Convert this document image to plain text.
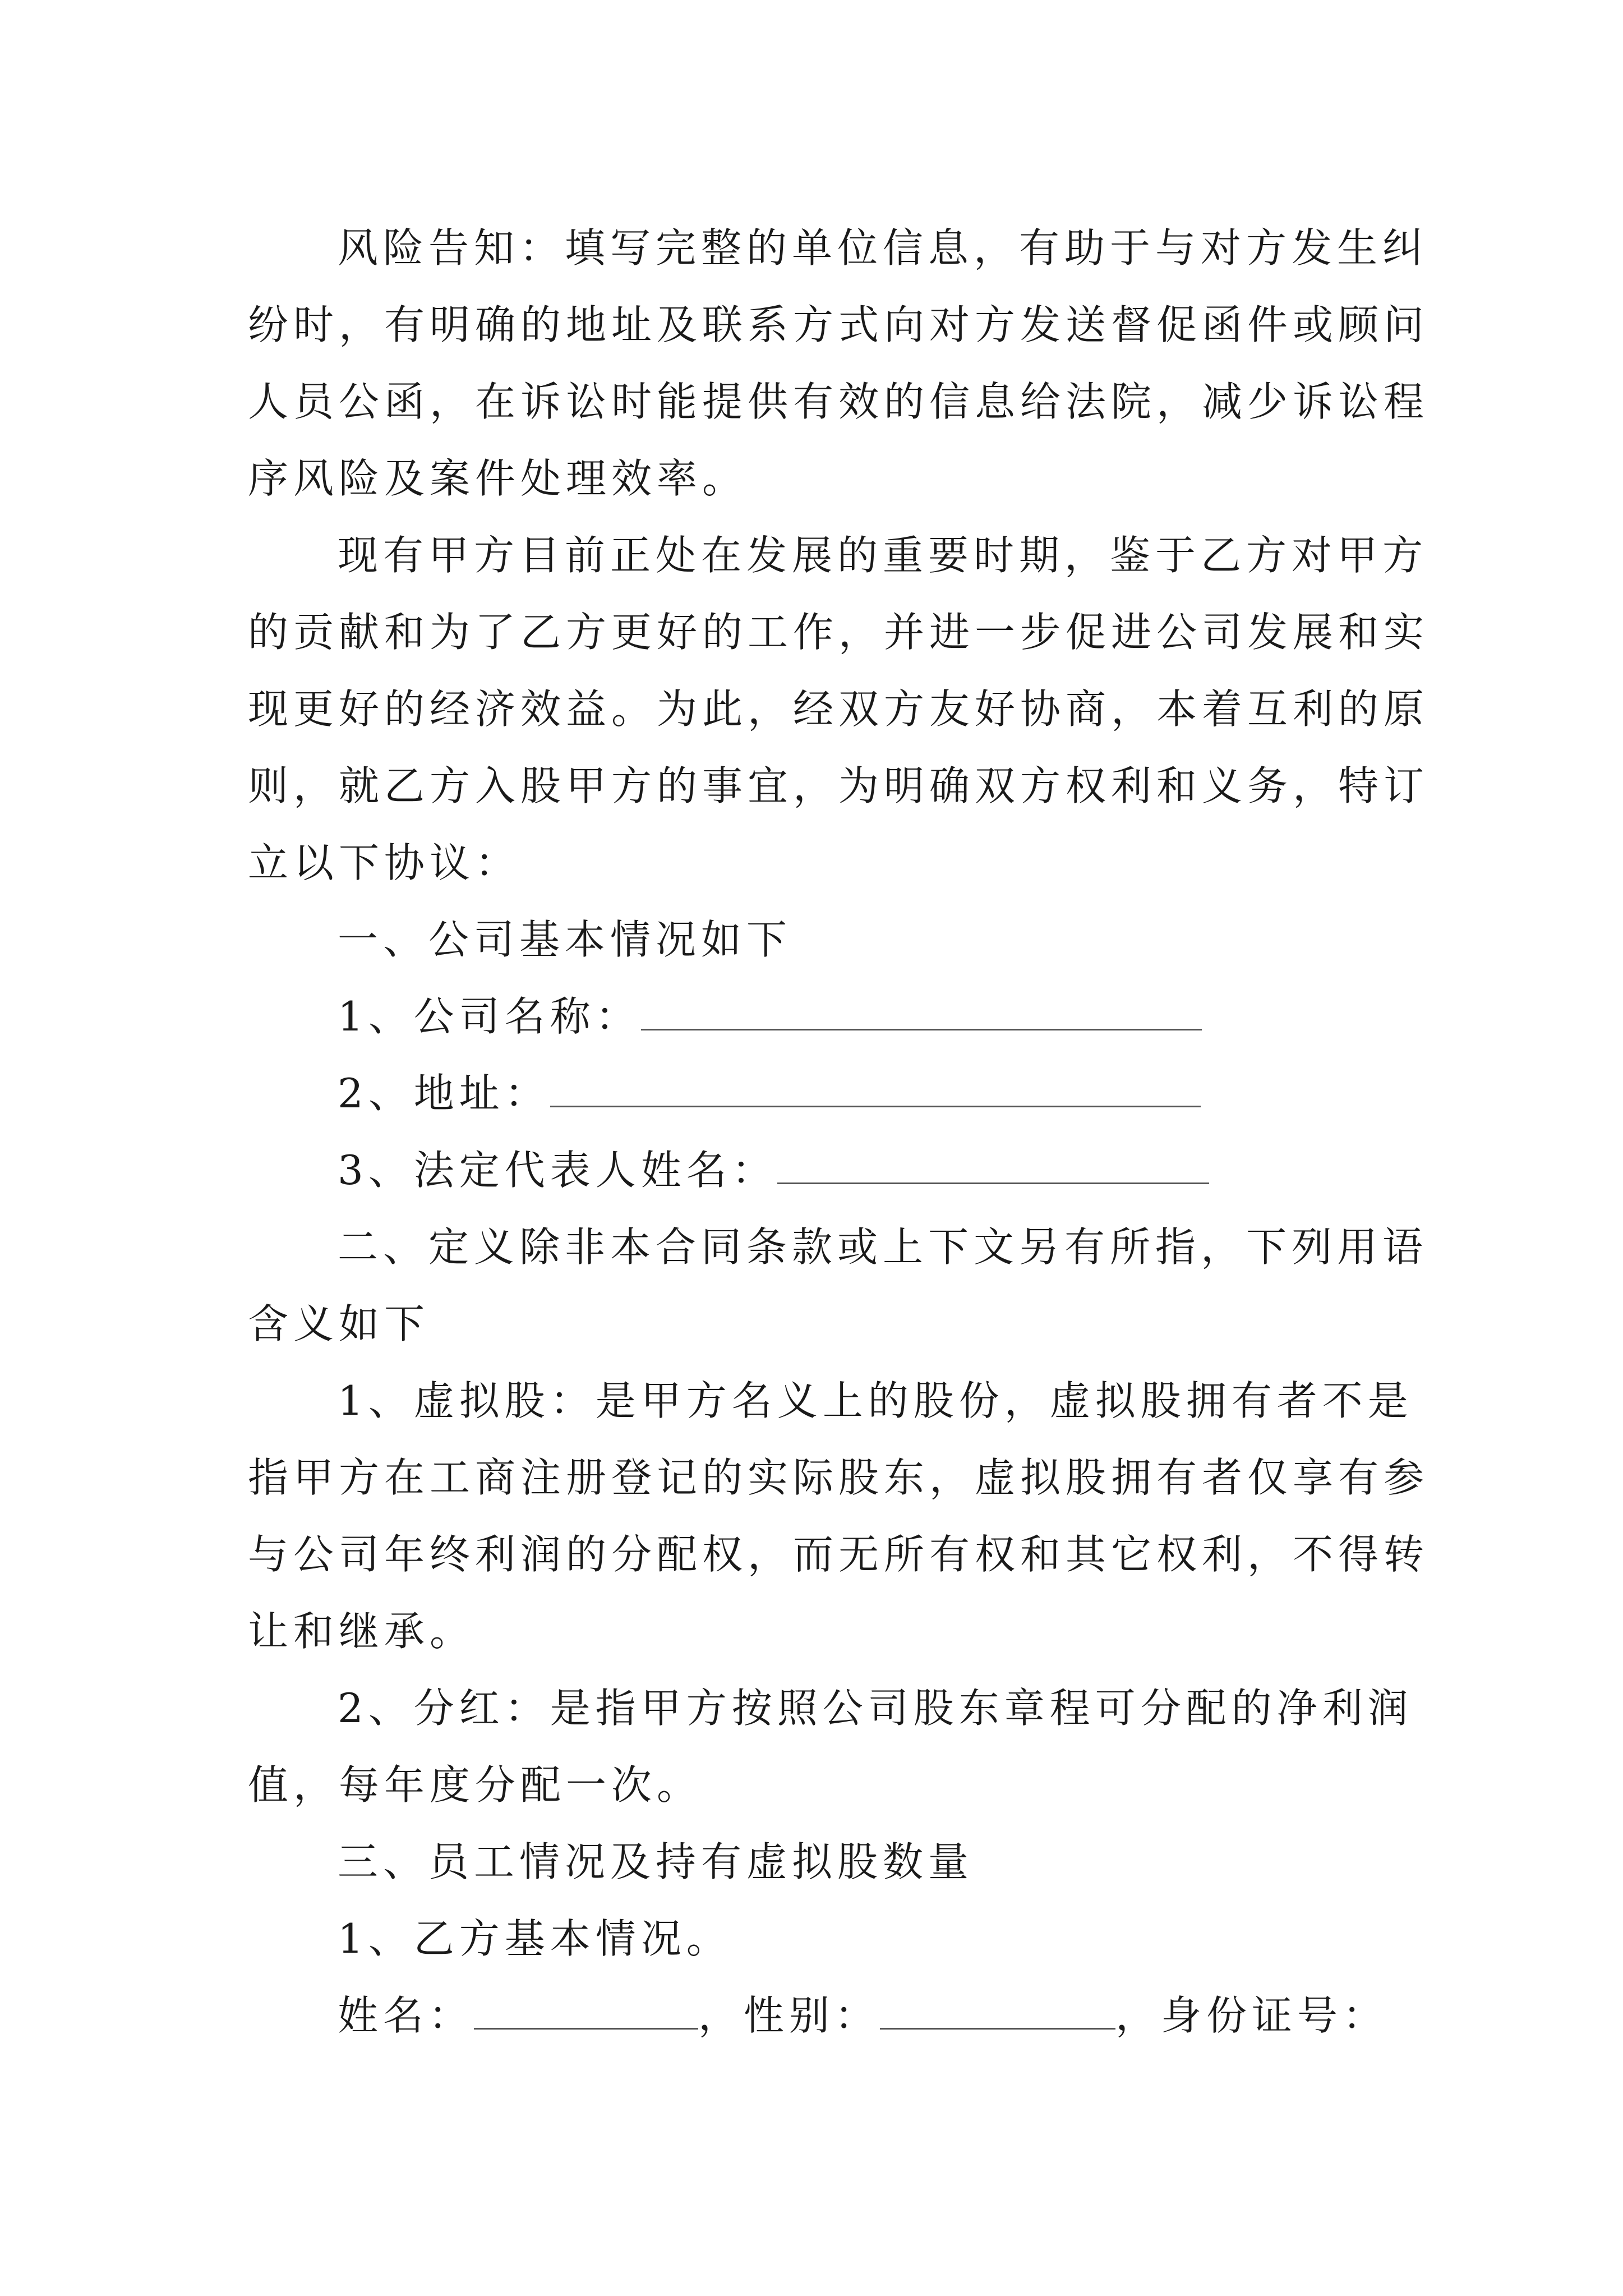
风险告知：填写完整的单位信息，有助于与对方发生纠
纷时，有明确的地址及联系方式向对方发送督促函件或顾问
人员公函，在诉讼时能提供有效的信息给法院，减少诉讼程
序风险及案件处理效率。
现有甲方目前正处在发展的重要时期，鉴于乙方对甲方
的贡献和为了乙方更好的工作，并进一步促进公司发展和实
现更好的经济效益。为此，经双方友好协商，本着互利的原
则，就乙方入股甲方的事宜，为明确双方权利和义务，特订
立以下协议：
一、公司基本情况如下
1、公司名称：
2、地址：
3、法定代表人姓名：
二、定义除非本合同条款或上下文另有所指，下列用语
含义如下
1、虚拟股：是甲方名义上的股份，虚拟股拥有者不是
指甲方在工商注册登记的实际股东，虚拟股拥有者仅享有参
与公司年终利润的分配权，而无所有权和其它权利，不得转
让和继承。
2、分红：是指甲方按照公司股东章程可分配的净利润
值，每年度分配一次。
三、员工情况及持有虚拟股数量
1、乙方基本情况。
姓名：	，性别：	，身份证号：
